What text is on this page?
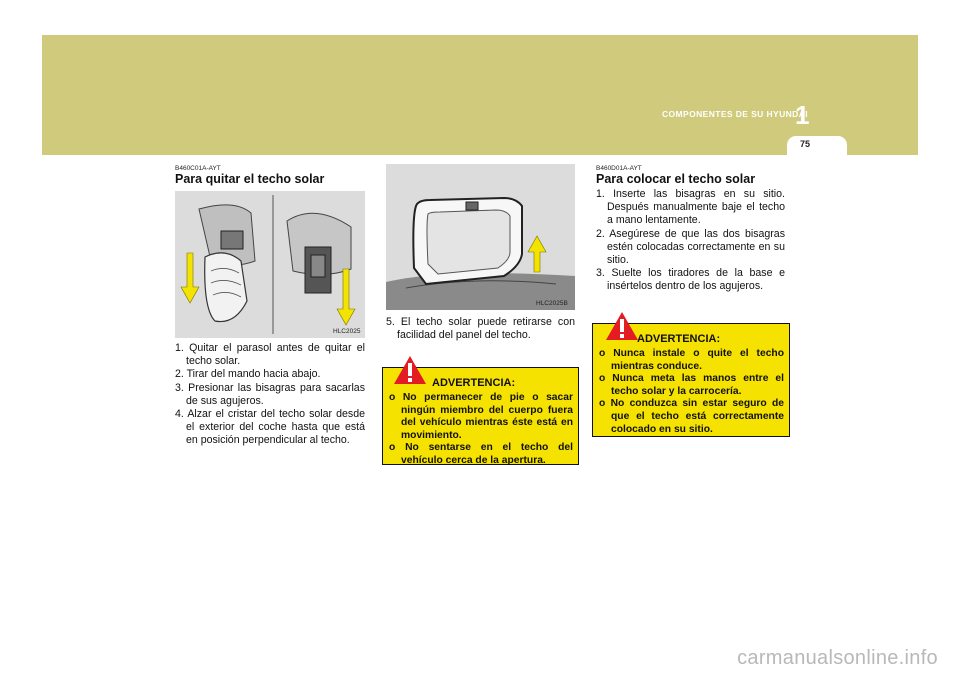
COMPONENTES DE SU HYUNDAI
1
75
B460C01A-AYT
Para quitar el techo solar
HLC2025
1. Quitar el parasol antes de quitar el techo solar.
2. Tirar del mando hacia abajo.
3. Presionar las bisagras para sacarlas de sus agujeros.
4. Alzar el cristar del techo solar desde el exterior del coche hasta que está en posición perpendicular al techo.
HLC2025B
5. El techo solar puede retirarse con facilidad del panel del techo.
ADVERTENCIA:
o No permanecer de pie o sacar ningún miembro del cuerpo fuera del vehículo mientras éste está en movimiento.
o No sentarse en el techo del vehículo cerca de la apertura.
B460D01A-AYT
Para colocar el techo solar
1. Inserte las bisagras en su sitio. Después manualmente baje el techo a mano lentamente.
2. Asegúrese de que las dos bisagras estén colocadas correctamente en su sitio.
3. Suelte los tiradores de la base e insértelos dentro de los agujeros.
ADVERTENCIA:
o Nunca instale o quite el techo mientras conduce.
o Nunca meta las manos entre el techo solar y la carrocería.
o No conduzca sin estar seguro de que el techo está correctamente colocado en su sitio.
carmanualsonline.info
